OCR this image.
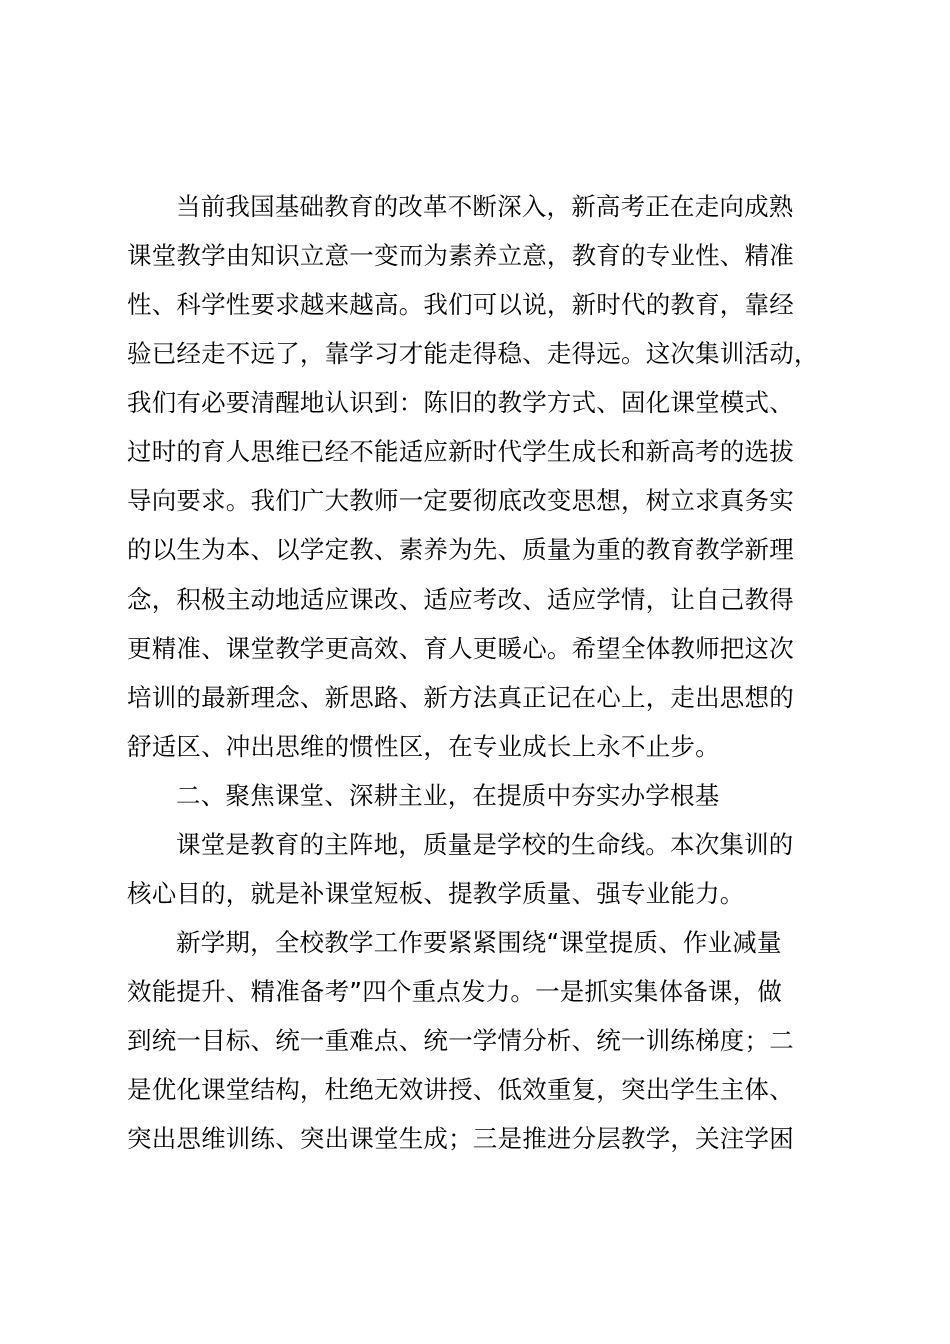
当前我国基础教育的改革不断深入，新高考正在走向成熟
课堂教学由知识立意一变而为素养立意，教育的专业性、精准
性、科学性要求越来越高。我们可以说，新时代的教育，靠经
验已经走不远了，靠学习才能走得稳、走得远。这次集训活动，
我们有必要清醒地认识到：陈旧的教学方式、固化课堂模式、
过时的育人思维已经不能适应新时代学生成长和新高考的选拔
导向要求。我们广大教师一定要彻底改变思想，树立求真务实
的以生为本、以学定教、素养为先、质量为重的教育教学新理
念，积极主动地适应课改、适应考改、适应学情，让自己教得
更精准、课堂教学更高效、育人更暖心。希望全体教师把这次
培训的最新理念、新思路、新方法真正记在心上，走出思想的
舒适区、冲出思维的惯性区，在专业成长上永不止步。
二、聚焦课堂、深耕主业，在提质中夯实办学根基
课堂是教育的主阵地，质量是学校的生命线。本次集训的
核心目的，就是补课堂短板、提教学质量、强专业能力。
新学期，全校教学工作要紧紧围绕“课堂提质、作业减量
效能提升、精准备考”四个重点发力。一是抓实集体备课，做
到统一目标、统一重难点、统一学情分析、统一训练梯度；二
是优化课堂结构，杜绝无效讲授、低效重复，突出学生主体、
突出思维训练、突出课堂生成；三是推进分层教学，关注学困
